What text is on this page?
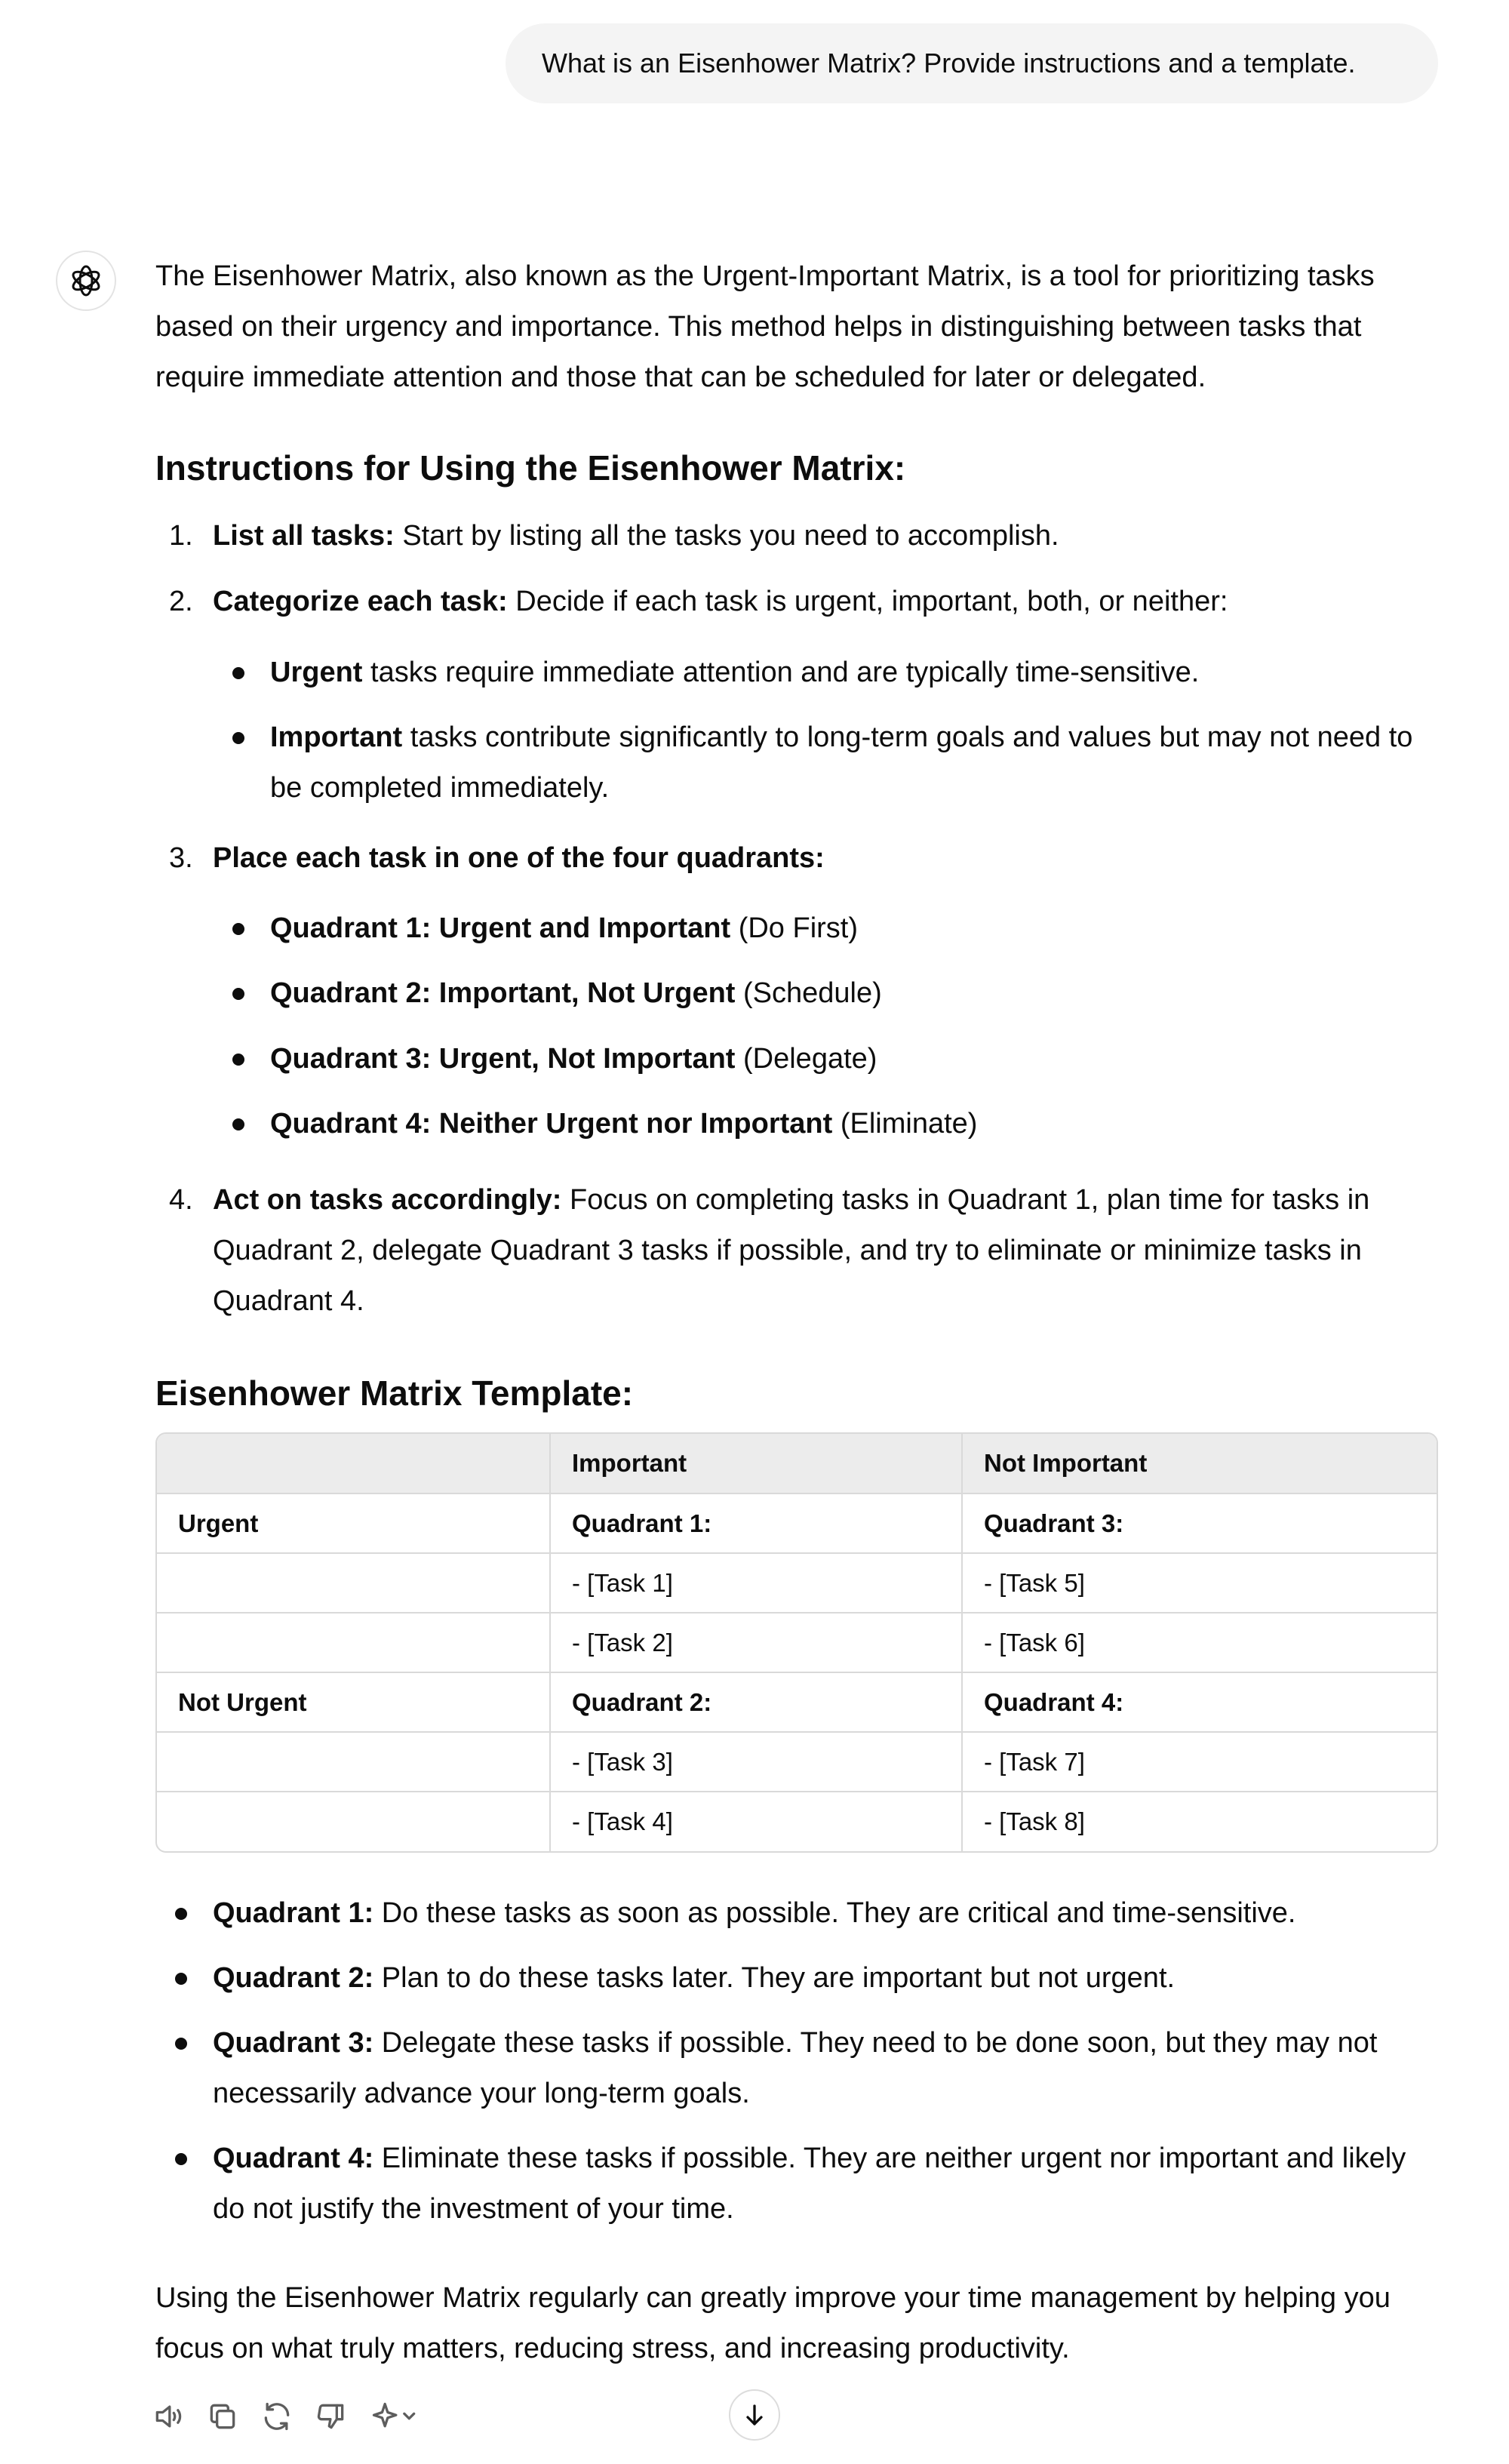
What is an Eisenhower Matrix? Provide instructions and a template.

The Eisenhower Matrix, also known as the Urgent-Important Matrix, is a tool for prioritizing tasks based on their urgency and importance. This method helps in distinguishing between tasks that require immediate attention and those that can be scheduled for later or delegated.

Instructions for Using the Eisenhower Matrix:
1. List all tasks: Start by listing all the tasks you need to accomplish.

2. Categorize each task: Decide if each task is urgent, important, both, or neither:

Urgent tasks require immediate attention and are typically time-sensitive.

Important tasks contribute significantly to long-term goals and values but may not need to be completed immediately.

3. Place each task in one of the four quadrants:

Quadrant 1: Urgent and Important (Do First)

Quadrant 2: Important, Not Urgent (Schedule)

Quadrant 3: Urgent, Not Important (Delegate)

Quadrant 4: Neither Urgent nor Important (Eliminate)

4. Act on tasks accordingly: Focus on completing tasks in Quadrant 1, plan time for tasks in Quadrant 2, delegate Quadrant 3 tasks if possible, and try to eliminate or minimize tasks in Quadrant 4.

Eisenhower Matrix Template:
	Important	Not Important
Urgent	Quadrant 1:	Quadrant 3:
	- [Task 1]	- [Task 5]
	- [Task 2]	- [Task 6]
Not Urgent	Quadrant 2:	Quadrant 4:
	- [Task 3]	- [Task 7]
	- [Task 4]	- [Task 8]

Quadrant 1: Do these tasks as soon as possible. They are critical and time-sensitive.

Quadrant 2: Plan to do these tasks later. They are important but not urgent.

Quadrant 3: Delegate these tasks if possible. They need to be done soon, but they may not necessarily advance your long-term goals.

Quadrant 4: Eliminate these tasks if possible. They are neither urgent nor important and likely do not justify the investment of your time.

Using the Eisenhower Matrix regularly can greatly improve your time management by helping you focus on what truly matters, reducing stress, and increasing productivity.
